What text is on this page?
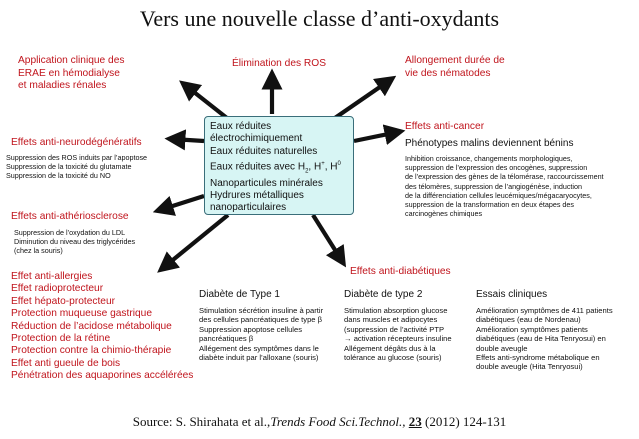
Vers une nouvelle classe d’anti-oxydants
Eaux réduites
électrochimiquement
Eaux réduites naturelles
Eaux réduites avec $H_2$, H+, $H^0$
Nanoparticules minérales
Hydrures métalliques
nanoparticulaires
Application clinique des
ERAE en hémodialyse
et maladies rénales
Élimination des ROS	Allongement durée de
vie des nématodes
Effets anti-neurodégénératifs
Suppression des ROS induits par l’apoptose
Suppression de la toxicité du glutamate
Suppression de la toxicité du NO
Effets anti-athériosclerose
Suppression de l’oxydation du LDL
Diminution du niveau des triglycérides
(chez la souris)
Effets anti-cancer
Phénotypes malins deviennent bénins
Inhibition croissance, changements morphologiques,
suppression de l’expression des oncogènes, suppression
de l’expression des gènes de la télomérase, raccourcissement
des télomères, suppression de l’angiogénèse, induction
de la différenciation cellules leucémiques/mégacaryocytes,
suppression de la transformation en deux étapes des
carcinogènes chimiques
Effets anti-diabétiques
Effet anti-allergies
Effet radioprotecteur
Effet hépato-protecteur
Protection muqueuse gastrique
Réduction de l’acidose métabolique
Protection de la rétine
Protection contre la chimio-thérapie
Effet anti gueule de bois
Pénétration des aquaporines accélérées
Diabète de Type 1
Stimulation sécrétion insuline à partir
des cellules pancréatiques de type β
Suppression apoptose cellules
pancréatiques β
Allégement des symptômes dans le
diabète induit par l’alloxane (souris)
Diabète de type 2
Stimulation absorption glucose
dans muscles et adipocytes
(suppression de l’activité PTP
→ activation récepteurs insuline
Allégement dégâts dus à la
tolérance au glucose (souris)
Essais cliniques
Amélioration symptômes de 411 patients
diabétiques (eau de Nordenau)
Amélioration symptômes patients
diabétiques (eau de Hita Tenryosui) en
double aveugle
Effets anti-syndrome métabolique en
double aveugle (Hita Tenryosui)
Source: S. Shirahata et al.,Trends Food Sci.Technol., 23 (2012) 124-131
